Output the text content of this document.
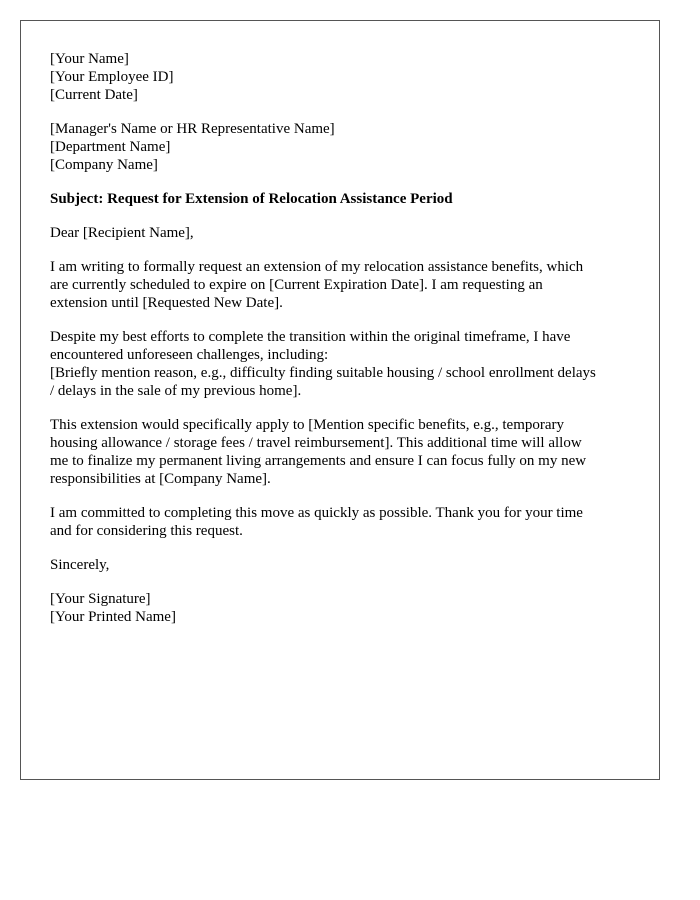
[Your Name]
[Your Employee ID]
[Current Date]
[Manager's Name or HR Representative Name]
[Department Name]
[Company Name]

Subject: Request for Extension of Relocation Assistance Period

Dear [Recipient Name],

I am writing to formally request an extension of my relocation assistance benefits, which
are currently scheduled to expire on [Current Expiration Date]. I am requesting an
extension until [Requested New Date].

Despite my best efforts to complete the transition within the original timeframe, I have
encountered unforeseen challenges, including:
[Briefly mention reason, e.g., difficulty finding suitable housing / school enrollment delays
/ delays in the sale of my previous home].

This extension would specifically apply to [Mention specific benefits, e.g., temporary
housing allowance / storage fees / travel reimbursement]. This additional time will allow
me to finalize my permanent living arrangements and ensure I can focus fully on my new
responsibilities at [Company Name].

I am committed to completing this move as quickly as possible. Thank you for your time
and for considering this request.

Sincerely,

[Your Signature]
[Your Printed Name]
